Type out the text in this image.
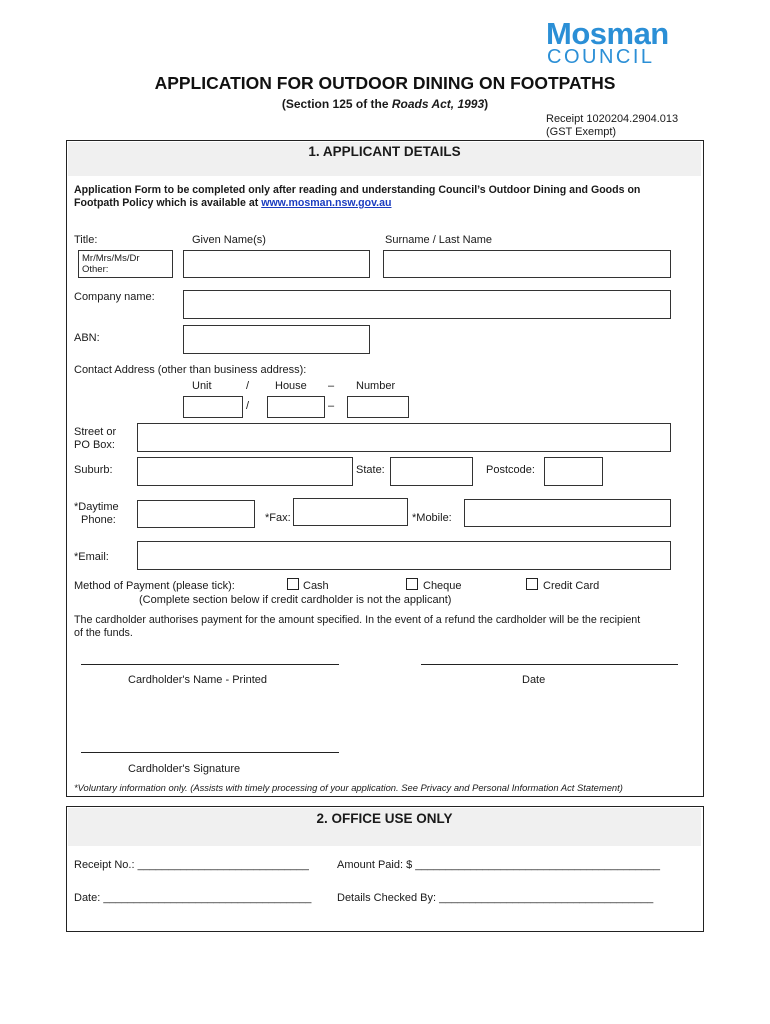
Mosman
COUNCIL
APPLICATION FOR OUTDOOR DINING ON FOOTPATHS
(Section 125 of the Roads Act, 1993)
Receipt 1020204.2904.013
(GST Exempt)
1. APPLICANT DETAILS
Application Form to be completed only after reading and understanding Council’s Outdoor Dining and Goods on
Footpath Policy which is available at www.mosman.nsw.gov.au
Title:	Given Name(s)	Surname / Last Name
Mr/Mrs/Ms/Dr
Other:
Company name:
ABN:
Contact Address (other than business address):
Unit	/ House – Number
/	–
Street or
PO Box:
Suburb:	State:	Postcode:
*Daytime
Phone:	*Fax:	*Mobile:
*Email:
Method of Payment (please tick):	Cash	Cheque	Credit Card
(Complete section below if credit cardholder is not the applicant)
The cardholder authorises payment for the amount specified. In the event of a refund the cardholder will be the recipient
of the funds.
Cardholder's Name - Printed	Date
Cardholder's Signature
*Voluntary information only. (Assists with timely processing of your application. See Privacy and Personal Information Act Statement)
2. OFFICE USE ONLY
Receipt No.: ____________________________	Amount Paid: $ ________________________________________
Date: __________________________________ Details Checked By: ___________________________________
